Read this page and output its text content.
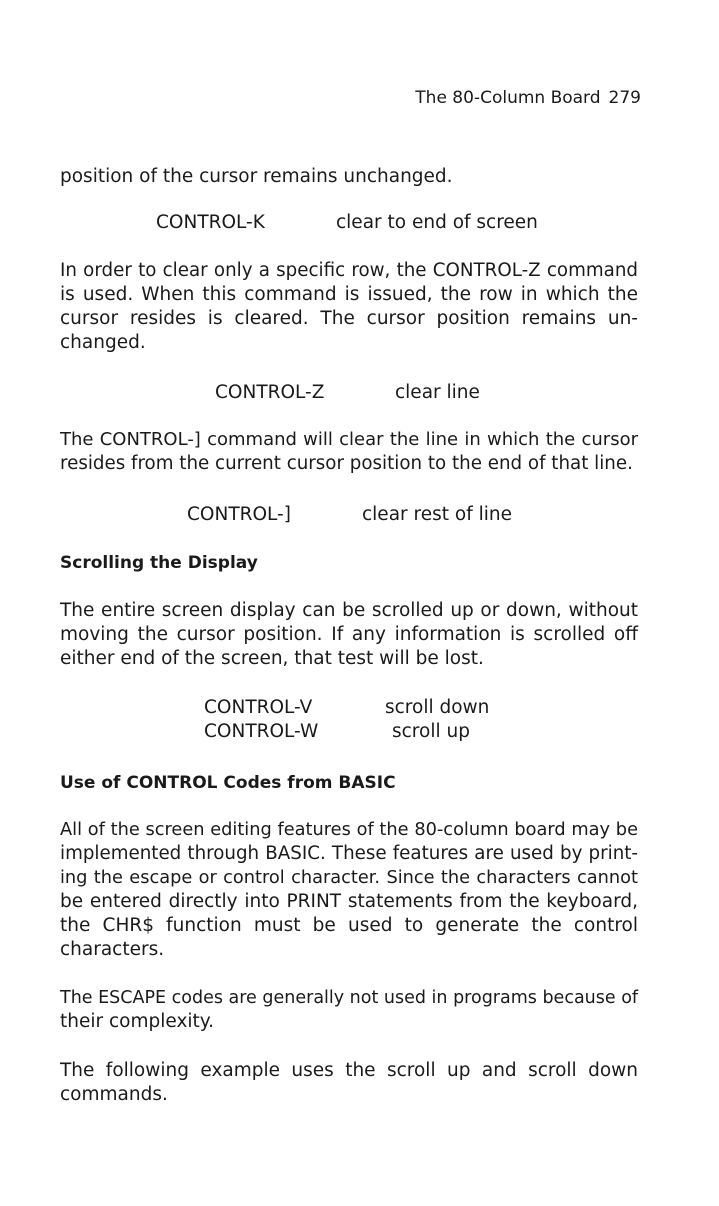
The 80-Column Board 279

position of the cursor remains unchanged.

CONTROL-K	clear to end of screen

In order to clear only a specific row, the CONTROL-Z command
is used. When this command is issued, the row in which the
cursor resides is cleared. The cursor position remains un-
changed.

CONTROL-Z	clear line

The CONTROL-] command will clear the line in which the cursor
resides from the current cursor position to the end of that line.

CONTROL-]	clear rest of line
Scrolling the Display

The entire screen display can be scrolled up or down, without
moving the cursor position. If any information is scrolled off
either end of the screen, that test will be lost.

CONTROL-V	scroll down
CONTROL-W	scroll up
Use of CONTROL Codes from BASIC

All of the screen editing features of the 80-column board may be
implemented through BASIC. These features are used by print-
ing the escape or control character. Since the characters cannot
be entered directly into PRINT statements from the keyboard,
the CHR$ function must be used to generate the control
characters.

The ESCAPE codes are generally not used in programs because of
their complexity.

The following example uses the scroll up and scroll down
commands.
